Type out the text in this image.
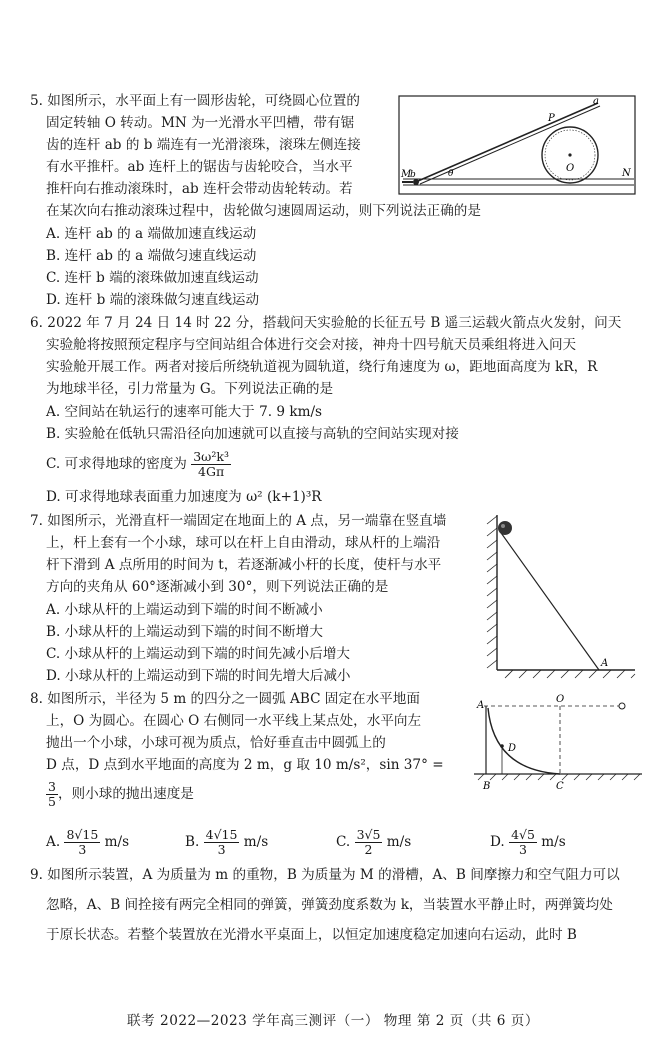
5. 如图所示，水平面上有一圆形齿轮，可绕圆心位置的
固定转轴 O 转动。MN 为一光滑水平凹槽，带有锯
齿的连杆 ab 的 b 端连有一光滑滚珠，滚珠左侧连接
有水平推杆。ab 连杆上的锯齿与齿轮咬合，当水平
推杆向右推动滚珠时，ab 连杆会带动齿轮转动。若
在某次向右推动滚珠过程中，齿轮做匀速圆周运动，则下列说法正确的是
A. 连杆 ab 的 a 端做加速直线运动
B. 连杆 ab 的 a 端做匀速直线运动
C. 连杆 b 端的滚珠做加速直线运动
D. 连杆 b 端的滚珠做匀速直线运动
a
P
O
M
b	θ	N
6. 2022 年 7 月 24 日 14 时 22 分，搭载问天实验舱的长征五号 B 遥三运载火箭点火发射，问天
实验舱将按照预定程序与空间站组合体进行交会对接，神舟十四号航天员乘组将进入问天
实验舱开展工作。两者对接后所绕轨道视为圆轨道，绕行角速度为 ω，距地面高度为 kR，R
为地球半径，引力常量为 G。下列说法正确的是
A. 空间站在轨运行的速率可能大于 7. 9 km/s
B. 实验舱在低轨只需沿径向加速就可以直接与高轨的空间站实现对接
C. 可求得地球的密度为 $\frac{\text{3ω²k³}}{4G\pi}$
D. 可求得地球表面重力加速度为 ω² (k+1)³R
7. 如图所示，光滑直杆一端固定在地面上的 A 点，另一端靠在竖直墙
上，杆上套有一个小球，球可以在杆上自由滑动，球从杆的上端沿
杆下滑到 A 点所用的时间为 t，若逐渐减小杆的长度，使杆与水平
方向的夹角从 60°逐渐减小到 30°，则下列说法正确的是
A. 小球从杆的上端运动到下端的时间不断减小
B. 小球从杆的上端运动到下端的时间不断增大
C. 小球从杆的上端运动到下端的时间先减小后增大
D. 小球从杆的上端运动到下端的时间先增大后减小
A
8. 如图所示，半径为 5 m 的四分之一圆弧 ABC 固定在水平地面
上，O 为圆心。在圆心 O 右侧同一水平线上某点处，水平向左
抛出一个小球，小球可视为质点，恰好垂直击中圆弧上的
D 点，D 点到水平地面的高度为 2 m，g 取 10 m/s²，sin 37° =
$\frac{3}{5}$ ，则小球的抛出速度是
A. $\frac{8√15}{3} m/s$	B. $\frac{4√15}{3} m/s$	C. $\frac{3√5}{2} m/s$	D. $\frac{4√5}{3} m/s$
A
O
D
B	C
9. 如图所示装置，A 为质量为 m 的重物，B 为质量为 M 的滑槽，A、B 间摩擦力和空气阻力可以
忽略，A、B 间拴接有两完全相同的弹簧，弹簧劲度系数为 k，当装置水平静止时，两弹簧均处
于原长状态。若整个装置放在光滑水平桌面上，以恒定加速度稳定加速向右运动，此时 B
联考 2022—2023 学年高三测评（一） 物理 第 2 页（共 6 页）
